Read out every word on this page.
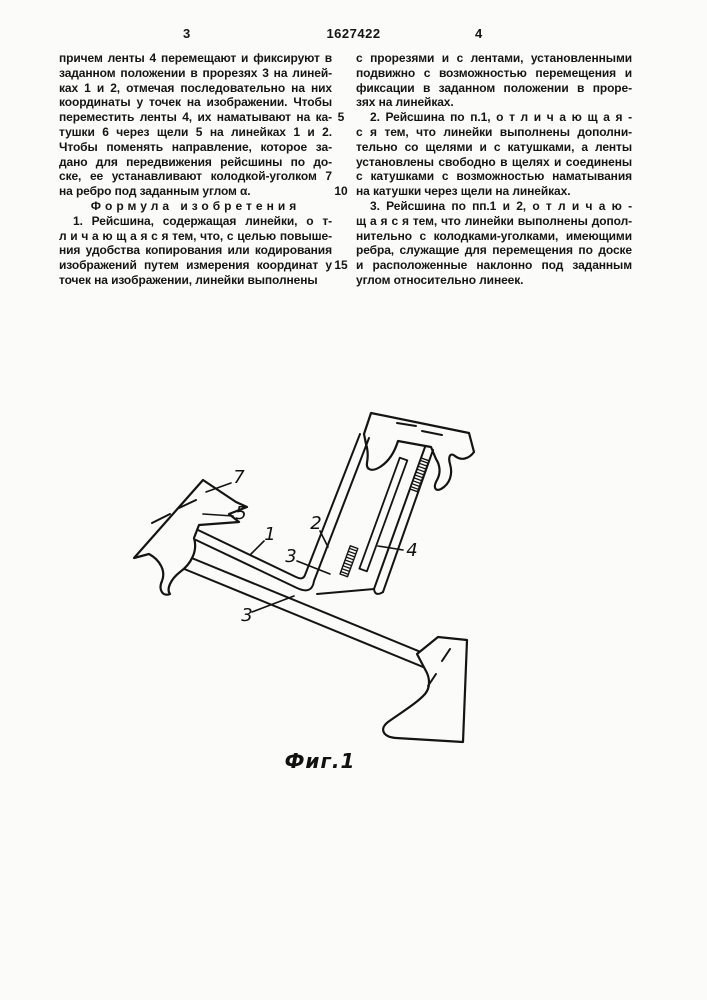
3	1627422	4
причем ленты 4 перемещают и фиксируют в
заданном положении в прорезях 3 на линей-
ках 1 и 2, отмечая последовательно на них
координаты у точек на изображении. Чтобы
переместить ленты 4, их наматывают на ка-
тушки 6 через щели 5 на линейках 1 и 2.
Чтобы поменять направление, которое за-
дано для передвижения рейсшины по до-
ске, ее устанавливают колодкой-уголком 7
на ребро под заданным углом α.
Формула изобретения
1. Рейсшина, содержащая линейки, о т-
л и ч а ю щ а я с я тем, что, с целью повыше-
ния удобства копирования или кодирования
изображений путем измерения координат у
точек на изображении, линейки выполнены
с прорезями и с лентами, установленными
подвижно с возможностью перемещения и
фиксации в заданном положении в проре-
зях на линейках.
2. Рейсшина по п.1, о т л и ч а ю щ а я -
с я тем, что линейки выполнены дополни-
тельно со щелями и с катушками, а ленты
установлены свободно в щелях и соединены
с катушками с возможностью наматывания
на катушки через щели на линейках.
3. Рейсшина по пп.1 и 2, о т л и ч а ю -
щ а я с я тем, что линейки выполнены допол-
нительно с колодками-уголками, имеющими
ребра, служащие для перемещения по доске
и расположенные наклонно под заданным
углом относительно линеек.
5
10
15
7
5
1
2
3	4
3
Фиг.1
